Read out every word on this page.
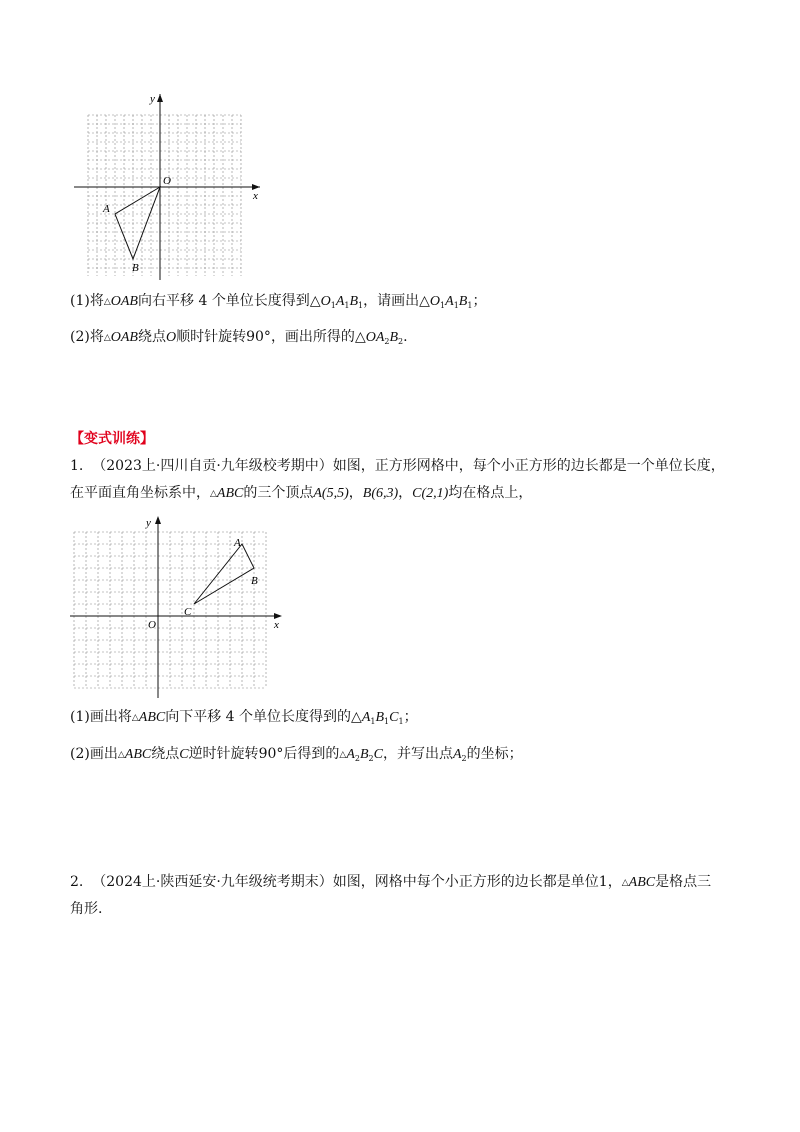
y
x
O
A
B
(1)将△OAB向右平移 4 个单位长度得到$\triangle O_1A_1B_1$，请画出$\triangle O_1A_1B_1$；
(2)将△OAB绕点O顺时针旋转90°，画出所得的$\triangle OA_2B_2$.
【变式训练】
1. （2023上·四川自贡·九年级校考期中）如图，正方形网格中，每个小正方形的边长都是一个单位长度，
在平面直角坐标系中，△ABC的三个顶点A(5,5)，B(6,3)，C(2,1)均在格点上，
y
x
O
A
B
C
(1)画出将△ABC向下平移 4 个单位长度得到的$\triangle A_1B_1C_1$；
(2)画出△ABC绕点C逆时针旋转90°后得到的$\triangle A_2B_2C$，并写出点$A_2$的坐标；
2. （2024上·陕西延安·九年级统考期末）如图，网格中每个小正方形的边长都是单位1，△ABC是格点三
角形.
